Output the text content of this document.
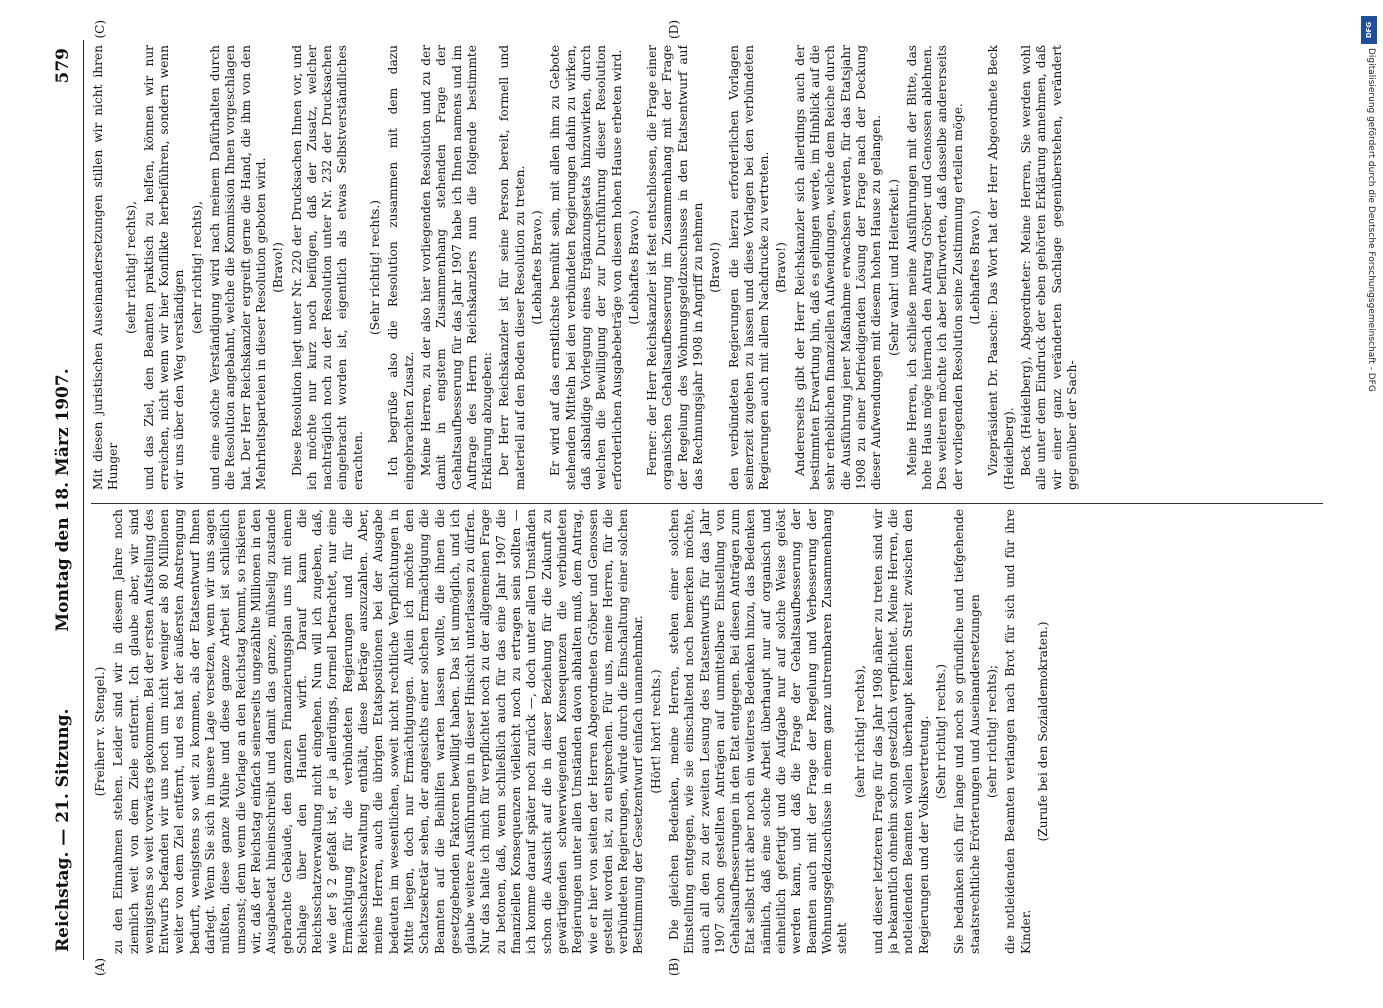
Reichstag. — 21. Sitzung.
Montag den 18. März 1907.
579
(A)	(B)
(C)	(D)

(Freiherr v. Stengel.) zu den Einnahmen stehen. Leider sind wir in diesem Jahre noch ziemlich weit von dem Ziele entfernt. Ich glaube aber, wir sind wenigstens so weit vorwärts gekommen. Bei der ersten Aufstellung des Entwurfs befanden wir uns noch um nicht weniger als 80 Millionen weiter von dem Ziel entfernt, und es hat der äußersten Anstrengung bedurft, wenigstens so weit zu kommen, als der Etatsentwurf Ihnen darlegt. Wenn Sie sich in unsere Lage versetzen, wenn wir uns sagen müßten, diese ganze Mühe und diese ganze Arbeit ist schließlich umsonst; denn wenn die Vorlage an den Reichstag kommt, so riskieren wir, daß der Reichstag einfach seinerseits ungezählte Millionen in den Ausgabeetat hineinschreibt und damit das ganze, mühselig zustande gebrachte Gebäude, den ganzen Finanzierungsplan uns mit einem Schlage über den Haufen wirft. Darauf kann die Reichsschatzverwaltung nicht eingehen. Nun will ich zugeben, daß, wie der § 2 gefaßt ist, er ja allerdings, formell betrachtet, nur eine Ermächtigung für die verbündeten Regierungen und für die Reichsschatzverwaltung enthält, diese Beträge auszuzahlen. Aber, meine Herren, auch die übrigen Etatspositionen bei der Ausgabe bedeuten im wesentlichen, soweit nicht rechtliche Verpflichtungen in Mitte liegen, doch nur Ermächtigungen. Allein ich möchte den Schatzsekretär sehen, der angesichts einer solchen Ermächtigung die Beamten auf die Beihilfen warten lassen wollte, die ihnen die gesetzgebenden Faktoren bewilligt haben. Das ist unmöglich, und ich glaube weitere Ausführungen in dieser Hinsicht unterlassen zu dürfen. Nur das halte ich mich für verpflichtet noch zu der allgemeinen Frage zu betonen, daß, wenn schließlich auch für das eine Jahr 1907 die finanziellen Konsequenzen vielleicht noch zu ertragen sein sollten — ich komme darauf später noch zurück —, doch unter allen Umständen schon die Aussicht auf die in dieser Beziehung für die Zukunft zu gewärtigenden schwerwiegenden Konsequenzen die verbündeten Regierungen unter allen Umständen davon abhalten muß, dem Antrag, wie er hier von seiten der Herren Abgeordneten Gröber und Genossen gestellt worden ist, zu entsprechen. Für uns, meine Herren, für die verbündeten Regierungen, würde durch die Einschaltung einer solchen Bestimmung der Gesetzentwurf einfach unannehmbar. (Hört! hört! rechts.) Die gleichen Bedenken, meine Herren, stehen einer solchen Einstellung entgegen, wie sie einschaltend noch bemerken möchte, auch all den zu der zweiten Lesung des Etatsentwurfs für das Jahr 1907 schon gestellten Anträgen auf unmittelbare Einstellung von Gehaltsaufbesserungen in den Etat entgegen. Bei diesen Anträgen zum Etat selbst tritt aber noch ein weiteres Bedenken hinzu, das Bedenken nämlich, daß eine solche Arbeit überhaupt nur auf organisch und einheitlich gefertigt und die Aufgabe nur auf solche Weise gelöst werden kann, und daß die Frage der Gehaltsaufbesserung der Beamten auch mit der Frage der Regelung und Verbesserung der Wohnungsgeldzuschüsse in einem ganz untrennbaren Zusammenhang steht

(sehr richtig! rechts), und dieser letzteren Frage für das Jahr 1908 näher zu treten sind wir ja bekanntlich ohnehin schon gesetzlich verpflichtet. Meine Herren, die notleidenden Beamten wollen überhaupt keinen Streit zwischen den Regierungen und der Volksvertretung. (Sehr richtig! rechts.) Sie bedanken sich für lange und noch so gründliche und tiefgehende staatsrechtliche Erörterungen und Auseinandersetzungen (sehr richtig! rechts); die notleidenden Beamten verlangen nach Brot für sich und für ihre Kinder.

(Zurufe bei den Sozialdemokraten.)

Mit diesen juristischen Auseinandersetzungen stillen wir nicht ihren Hunger

(sehr richtig! rechts), und das Ziel, den Beamten praktisch zu helfen, können wir nur erreichen, nicht wenn wir hier Konflikte herbeiführen, sondern wenn wir uns über den Weg verständigen

(sehr richtig! rechts), und eine solche Verständigung wird nach meinem Dafürhalten durch die Resolution angebahnt, welche die Kommission Ihnen vorgeschlagen hat. Der Herr Reichskanzler ergreift gerne die Hand, die ihm von den Mehrheitsparteien in dieser Resolution geboten wird. (Bravo!) Diese Resolution liegt unter Nr. 220 der Drucksachen Ihnen vor, und ich möchte nur kurz noch beifügen, daß der Zusatz, welcher nachträglich noch zu der Resolution unter Nr. 232 der Drucksachen eingebracht worden ist, eigentlich als etwas Selbstverständliches erachten.

(Sehr richtig! rechts.) Ich begrüße also die Resolution zusammen mit dem dazu eingebrachten Zusatz. Meine Herren, zu der also hier vorliegenden Resolution und zu der damit in engstem Zusammenhang stehenden Frage der Gehaltsaufbesserung für das Jahr 1907 habe ich Ihnen namens und im Auftrage des Herrn Reichskanzlers nun die folgende bestimmte Erklärung abzugeben: Der Herr Reichskanzler ist für seine Person bereit, formell und materiell auf den Boden dieser Resolution zu treten. (Lebhaftes Bravo.) Er wird auf das ernstlichste bemüht sein, mit allen ihm zu Gebote stehenden Mitteln bei den verbündeten Regierungen dahin zu wirken, daß alsbaldige Vorlegung eines Ergänzungsetats hinzuwirken, durch welchen die Bewilligung der zur Durchführung dieser Resolution erforderlichen Ausgabebeträge von diesem hohen Hause erbeten wird. (Lebhaftes Bravo.) Ferner: der Herr Reichskanzler ist fest entschlossen, die Frage einer organischen Gehaltsaufbesserung im Zusammenhang mit der Frage der Regelung des Wohnungsgeldzuschusses in den Etatsentwurf auf das Rechnungsjahr 1908 in Angriff zu nehmen (Bravo!) den verbündeten Regierungen die hierzu erforderlichen Vorlagen seinerzeit zugehen zu lassen und diese Vorlagen bei den verbündeten Regierungen auch mit allem Nachdrucke zu vertreten. (Bravo!) Andererseits gibt der Herr Reichskanzler sich allerdings auch der bestimmten Erwartung hin, daß es gelingen werde, im Hinblick auf die sehr erheblichen finanziellen Aufwendungen, welche dem Reiche durch die Ausführung jener Maßnahme erwachsen werden, für das Etatsjahr 1908 zu einer befriedigenden Lösung der Frage nach der Deckung dieser Aufwendungen mit diesem hohen Hause zu gelangen. (Sehr wahr! und Heiterkeit.) Meine Herren, ich schließe meine Ausführungen mit der Bitte, das hohe Haus möge hiernach den Antrag Gröber und Genossen ablehnen. Des weiteren möchte ich aber befürworten, daß dasselbe andererseits der vorliegenden Resolution seine Zustimmung erteilen möge. (Lebhaftes Bravo.) Vizepräsident Dr. Paasche: Das Wort hat der Herr Abgeordnete Beck (Heidelberg). Beck (Heidelberg), Abgeordneter: Meine Herren, Sie werden wohl alle unter dem Eindruck der eben gehörten Erklärung annehmen, daß wir einer ganz veränderten Sachlage gegenüberstehen, verändert gegenüber der Sach-

DFG
Digitalisierung gefördert durch die Deutsche Forschungsgemeinschaft - DFG
